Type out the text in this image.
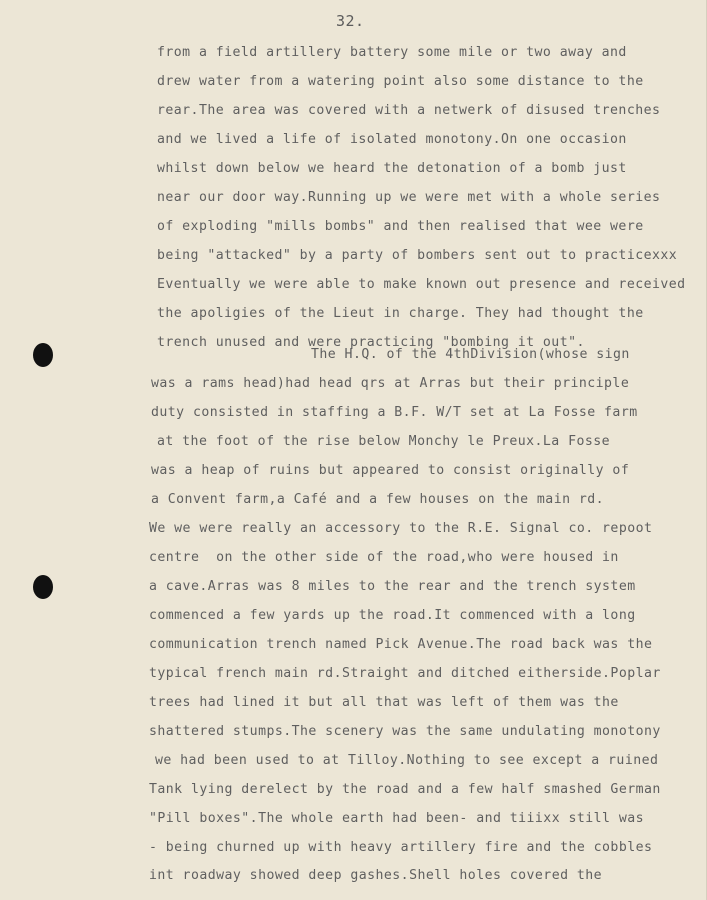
32.
from a field artillery battery some mile or two away and
drew water from a watering point also some distance to the
rear.The area was covered with a netwerk of disused trenches
and we lived a life of isolated monotony.On one occasion
whilst down below we heard the detonation of a bomb just
near our door way.Running up we were met with a whole series
of exploding "mills bombs" and then realised that wee were
being "attacked" by a party of bombers sent out to practicexxx
Eventually we were able to make known out presence and received
the apoligies of the Lieut in charge. They had thought the
trench unused and were practicing "bombing it out".
The H.Q. of the 4thDivision(whose sign
was a rams head)had head qrs at Arras but their principle
duty consisted in staffing a B.F. W/T set at La Fosse farm
at the foot of the rise below Monchy le Preux.La Fosse
was a heap of ruins but appeared to consist originally of
a Convent farm,a Café and a few houses on the main rd.
We we were really an accessory to the R.E. Signal co. repoot
centre  on the other side of the road,who were housed in
a cave.Arras was 8 miles to the rear and the trench system
commenced a few yards up the road.It commenced with a long
communication trench named Pick Avenue.The road back was the
typical french main rd.Straight and ditched eitherside.Poplar
trees had lined it but all that was left of them was the
shattered stumps.The scenery was the same undulating monotony
we had been used to at Tilloy.Nothing to see except a ruined
Tank lying derelect by the road and a few half smashed German
"Pill boxes".The whole earth had been- and tiiixx still was
- being churned up with heavy artillery fire and the cobbles
int roadway showed deep gashes.Shell holes covered the
